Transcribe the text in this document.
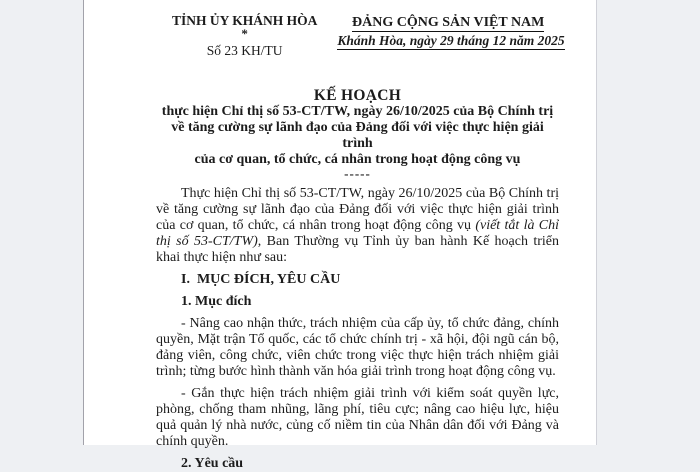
TỈNH ỦY KHÁNH HÒA
*
Số 23 KH/TU
ĐẢNG CỘNG SẢN VIỆT NAM
Khánh Hòa, ngày 29 tháng 12 năm 2025
KẾ HOẠCH
thực hiện Chỉ thị số 53-CT/TW, ngày 26/10/2025 của Bộ Chính trị
về tăng cường sự lãnh đạo của Đảng đối với việc thực hiện giải trình
của cơ quan, tổ chức, cá nhân trong hoạt động công vụ
-----

Thực hiện Chỉ thị số 53-CT/TW, ngày 26/10/2025 của Bộ Chính trị về tăng cường sự lãnh đạo của Đảng đối với việc thực hiện giải trình của cơ quan, tổ chức, cá nhân trong hoạt động công vụ (viết tắt là Chỉ thị số 53-CT/TW), Ban Thường vụ Tỉnh ủy ban hành Kế hoạch triển khai thực hiện như sau:

I. MỤC ĐÍCH, YÊU CẦU

1. Mục đích

- Nâng cao nhận thức, trách nhiệm của cấp ủy, tổ chức đảng, chính quyền, Mặt trận Tổ quốc, các tổ chức chính trị - xã hội, đội ngũ cán bộ, đảng viên, công chức, viên chức trong việc thực hiện trách nhiệm giải trình; từng bước hình thành văn hóa giải trình trong hoạt động công vụ.

- Gắn thực hiện trách nhiệm giải trình với kiểm soát quyền lực, phòng, chống tham nhũng, lãng phí, tiêu cực; nâng cao hiệu lực, hiệu quả quản lý nhà nước, củng cố niềm tin của Nhân dân đối với Đảng và chính quyền.

2. Yêu cầu
